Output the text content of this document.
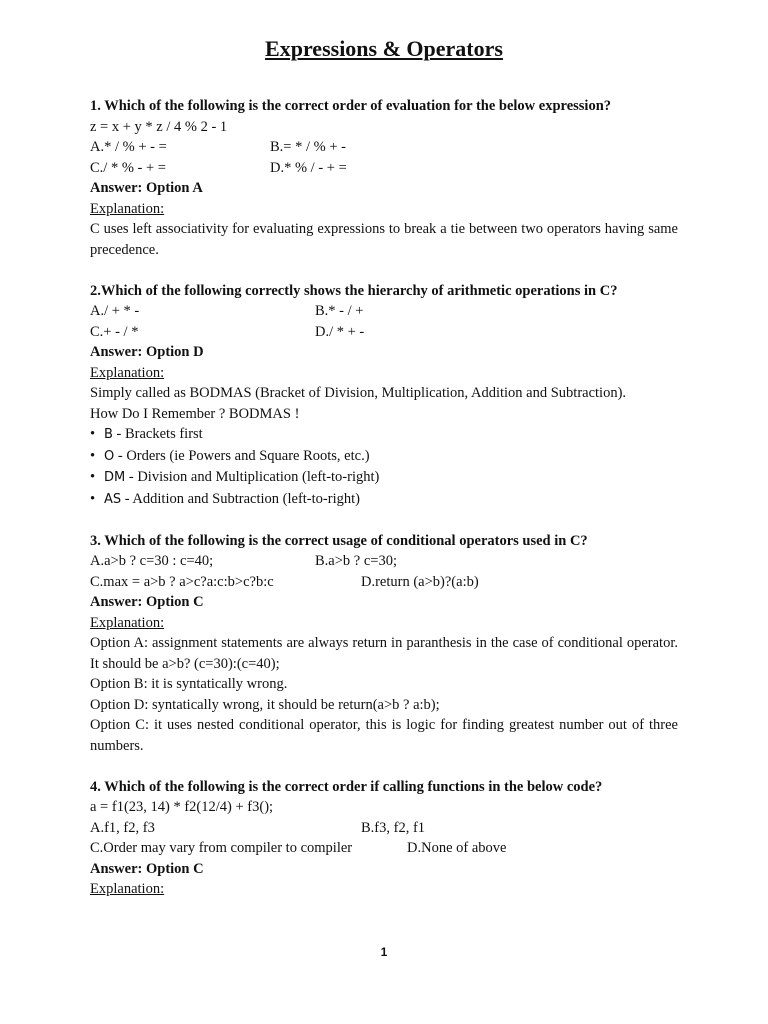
Expressions & Operators

1. Which of the following is the correct order of evaluation for the below expression?

z = x + y * z / 4 % 2 - 1

A.* / % + - =	B.= * / % + -
C./ * % - + =	D.* % / - + =

Answer: Option A

Explanation:

C uses left associativity for evaluating expressions to break a tie between two operators having same precedence.

2.Which of the following correctly shows the hierarchy of arithmetic operations in C?

A./ + * -	B.* - / +
C.+ - / *	D./ * + -

Answer: Option D

Explanation:

Simply called as BODMAS (Bracket of Division, Multiplication, Addition and Subtraction).

How Do I Remember ? BODMAS !

• B - Brackets first
• O - Orders (ie Powers and Square Roots, etc.)
• DM - Division and Multiplication (left-to-right)
• AS - Addition and Subtraction (left-to-right)

3. Which of the following is the correct usage of conditional operators used in C?

A.a>b ? c=30 : c=40;	B.a>b ? c=30;
C.max = a>b ? a>c?a:c:b>c?b:c	D.return (a>b)?(a:b)

Answer: Option C

Explanation:

Option A: assignment statements are always return in paranthesis in the case of conditional operator. It should be a>b? (c=30):(c=40);

Option B: it is syntatically wrong.

Option D: syntatically wrong, it should be return(a>b ? a:b);

Option C: it uses nested conditional operator, this is logic for finding greatest number out of three numbers.

4. Which of the following is the correct order if calling functions in the below code?

a = f1(23, 14) * f2(12/4) + f3();

A.f1, f2, f3	B.f3, f2, f1
C.Order may vary from compiler to compiler	D.None of above

Answer: Option C

Explanation:

1
